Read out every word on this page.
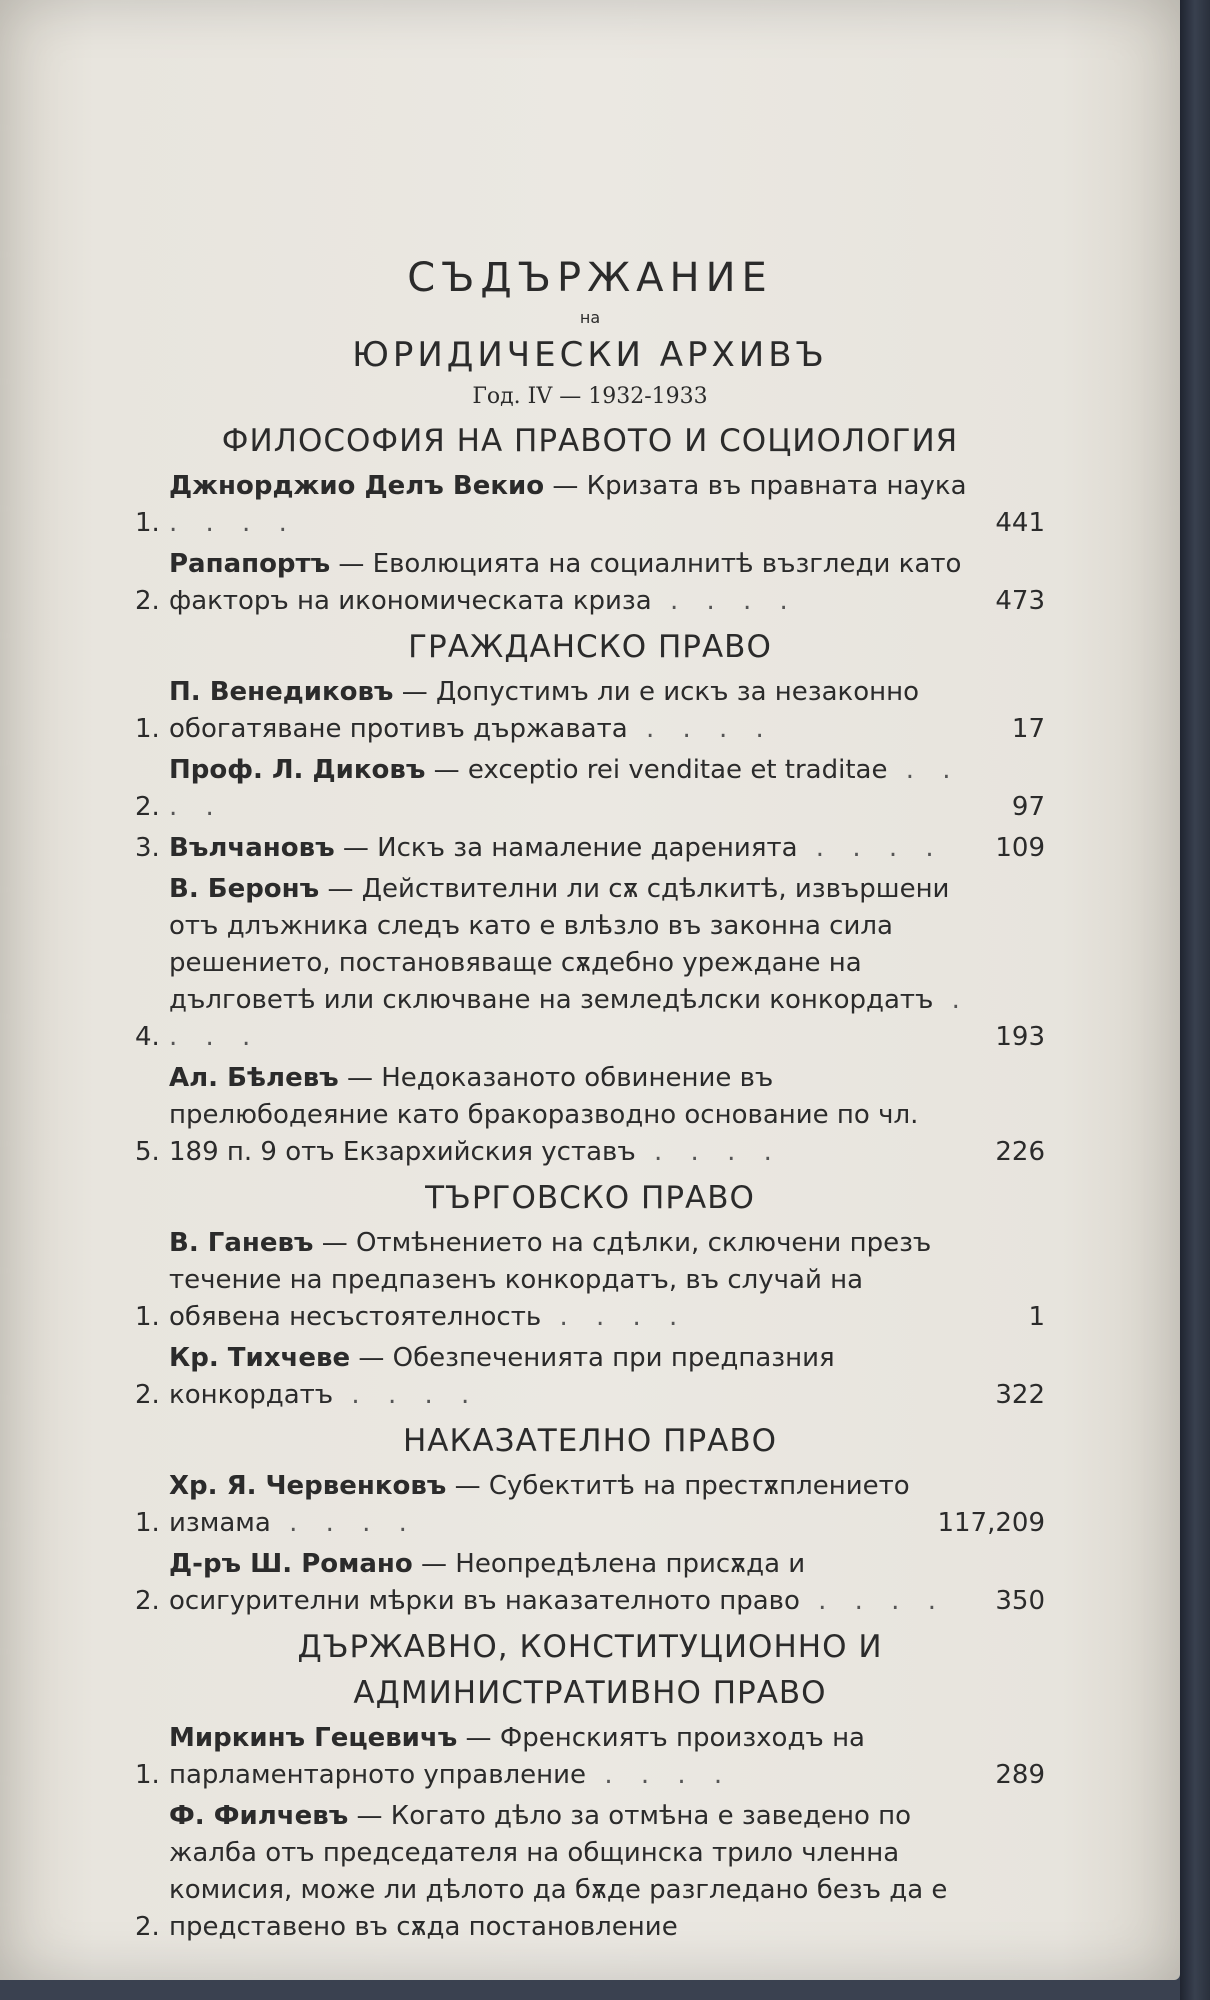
СЪДЪРЖАНИЕ
на
ЮРИДИЧЕСКИ АРХИВЪ
Год. IV — 1932-1933
ФИЛОСОФИЯ НА ПРАВОТО И СОЦИОЛОГИЯ
1.
Джнорджио Делъ Векио — Кризата въ правната наука . . . .	441
2.
Рапапортъ — Еволюцията на социалнитѣ възгледи като факторъ на икономическата криза . . . .	473
ГРАЖДАНСКО ПРАВО
1.
П. Венедиковъ — Допустимъ ли е искъ за незаконно обогатяване противъ държавата . . . .	17
2.
Проф. Л. Диковъ — exceptio rei venditae et traditae . . . .	97
3. Вълчановъ — Искъ за намаление даренията . . . .	109
4.
В. Беронъ — Действителни ли сѫ сдѣлкитѣ, извършени отъ длъжника следъ като е влѣзло въ законна сила решението, постановяваще сѫдебно уреждане на дълговетѣ или сключване на земледѣлски конкордатъ . . . .	193
5.
Ал. Бѣлевъ — Недоказаното обвинение въ прелюбодеяние като бракоразводно основание по чл. 189 п. 9 отъ Екзархийския уставъ . . . .	226
ТЪРГОВСКО ПРАВО
1.
В. Ганевъ — Отмѣнението на сдѣлки, сключени презъ течение на предпазенъ конкордатъ, въ случай на обявена несъстоятелность . . . .	1
2.
Кр. Тихчеве — Обезпеченията при предпазния конкордатъ . . . .	322
НАКАЗАТЕЛНО ПРАВО
1.
Хр. Я. Червенковъ — Субектитѣ на престѫплението измама . . . .	117,209
2.
Д-ръ Ш. Романо — Неопредѣлена присѫда и осигурителни мѣрки въ наказателното право . . . .	350
ДЪРЖАВНО, КОНСТИТУЦИОННО И АДМИНИСТРАТИВНО ПРАВО
1.
Миркинъ Гецевичъ — Френскиятъ произходъ на парламентарното управление . . . .	289
2.
Ф. Филчевъ — Когато дѣло за отмѣна е заведено по жалба отъ председателя на общинска трило членна комисия, може ли дѣлото да бѫде разгледано безъ да е представено въ сѫда постановление
